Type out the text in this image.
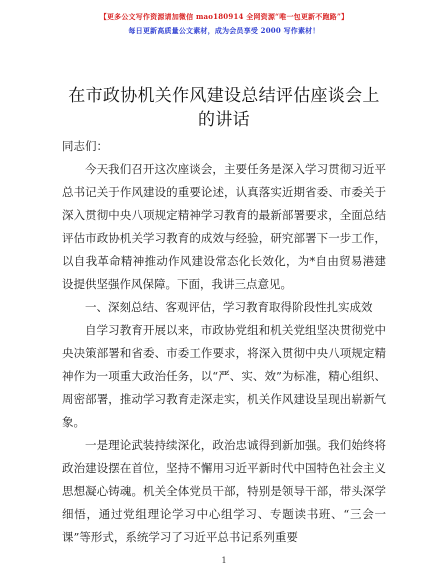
【更多公文写作资源请加微信 mao180914 全网资源“唯一包更新不跑路”】
每日更新高质量公文素材，成为会员享受 2000 写作素材！
在市政协机关作风建设总结评估座谈会上的讲话
同志们：

今天我们召开这次座谈会，主要任务是深入学习贯彻习近平总书记关于作风建设的重要论述，认真落实近期省委、市委关于深入贯彻中央八项规定精神学习教育的最新部署要求，全面总结评估市政协机关学习教育的成效与经验，研究部署下一步工作，以自我革命精神推动作风建设常态化长效化，为*自由贸易港建设提供坚强作风保障。下面，我讲三点意见。

一、深刻总结、客观评估，学习教育取得阶段性扎实成效

自学习教育开展以来，市政协党组和机关党组坚决贯彻党中央决策部署和省委、市委工作要求，将深入贯彻中央八项规定精神作为一项重大政治任务，以“严、实、效”为标准，精心组织、周密部署，推动学习教育走深走实，机关作风建设呈现出崭新气象。

一是理论武装持续深化，政治忠诚得到新加强。我们始终将政治建设摆在首位，坚持不懈用习近平新时代中国特色社会主义思想凝心铸魂。机关全体党员干部，特别是领导干部，带头深学细悟，通过党组理论学习中心组学习、专题读书班、“三会一课”等形式，系统学习了习近平总书记系列重要

1
